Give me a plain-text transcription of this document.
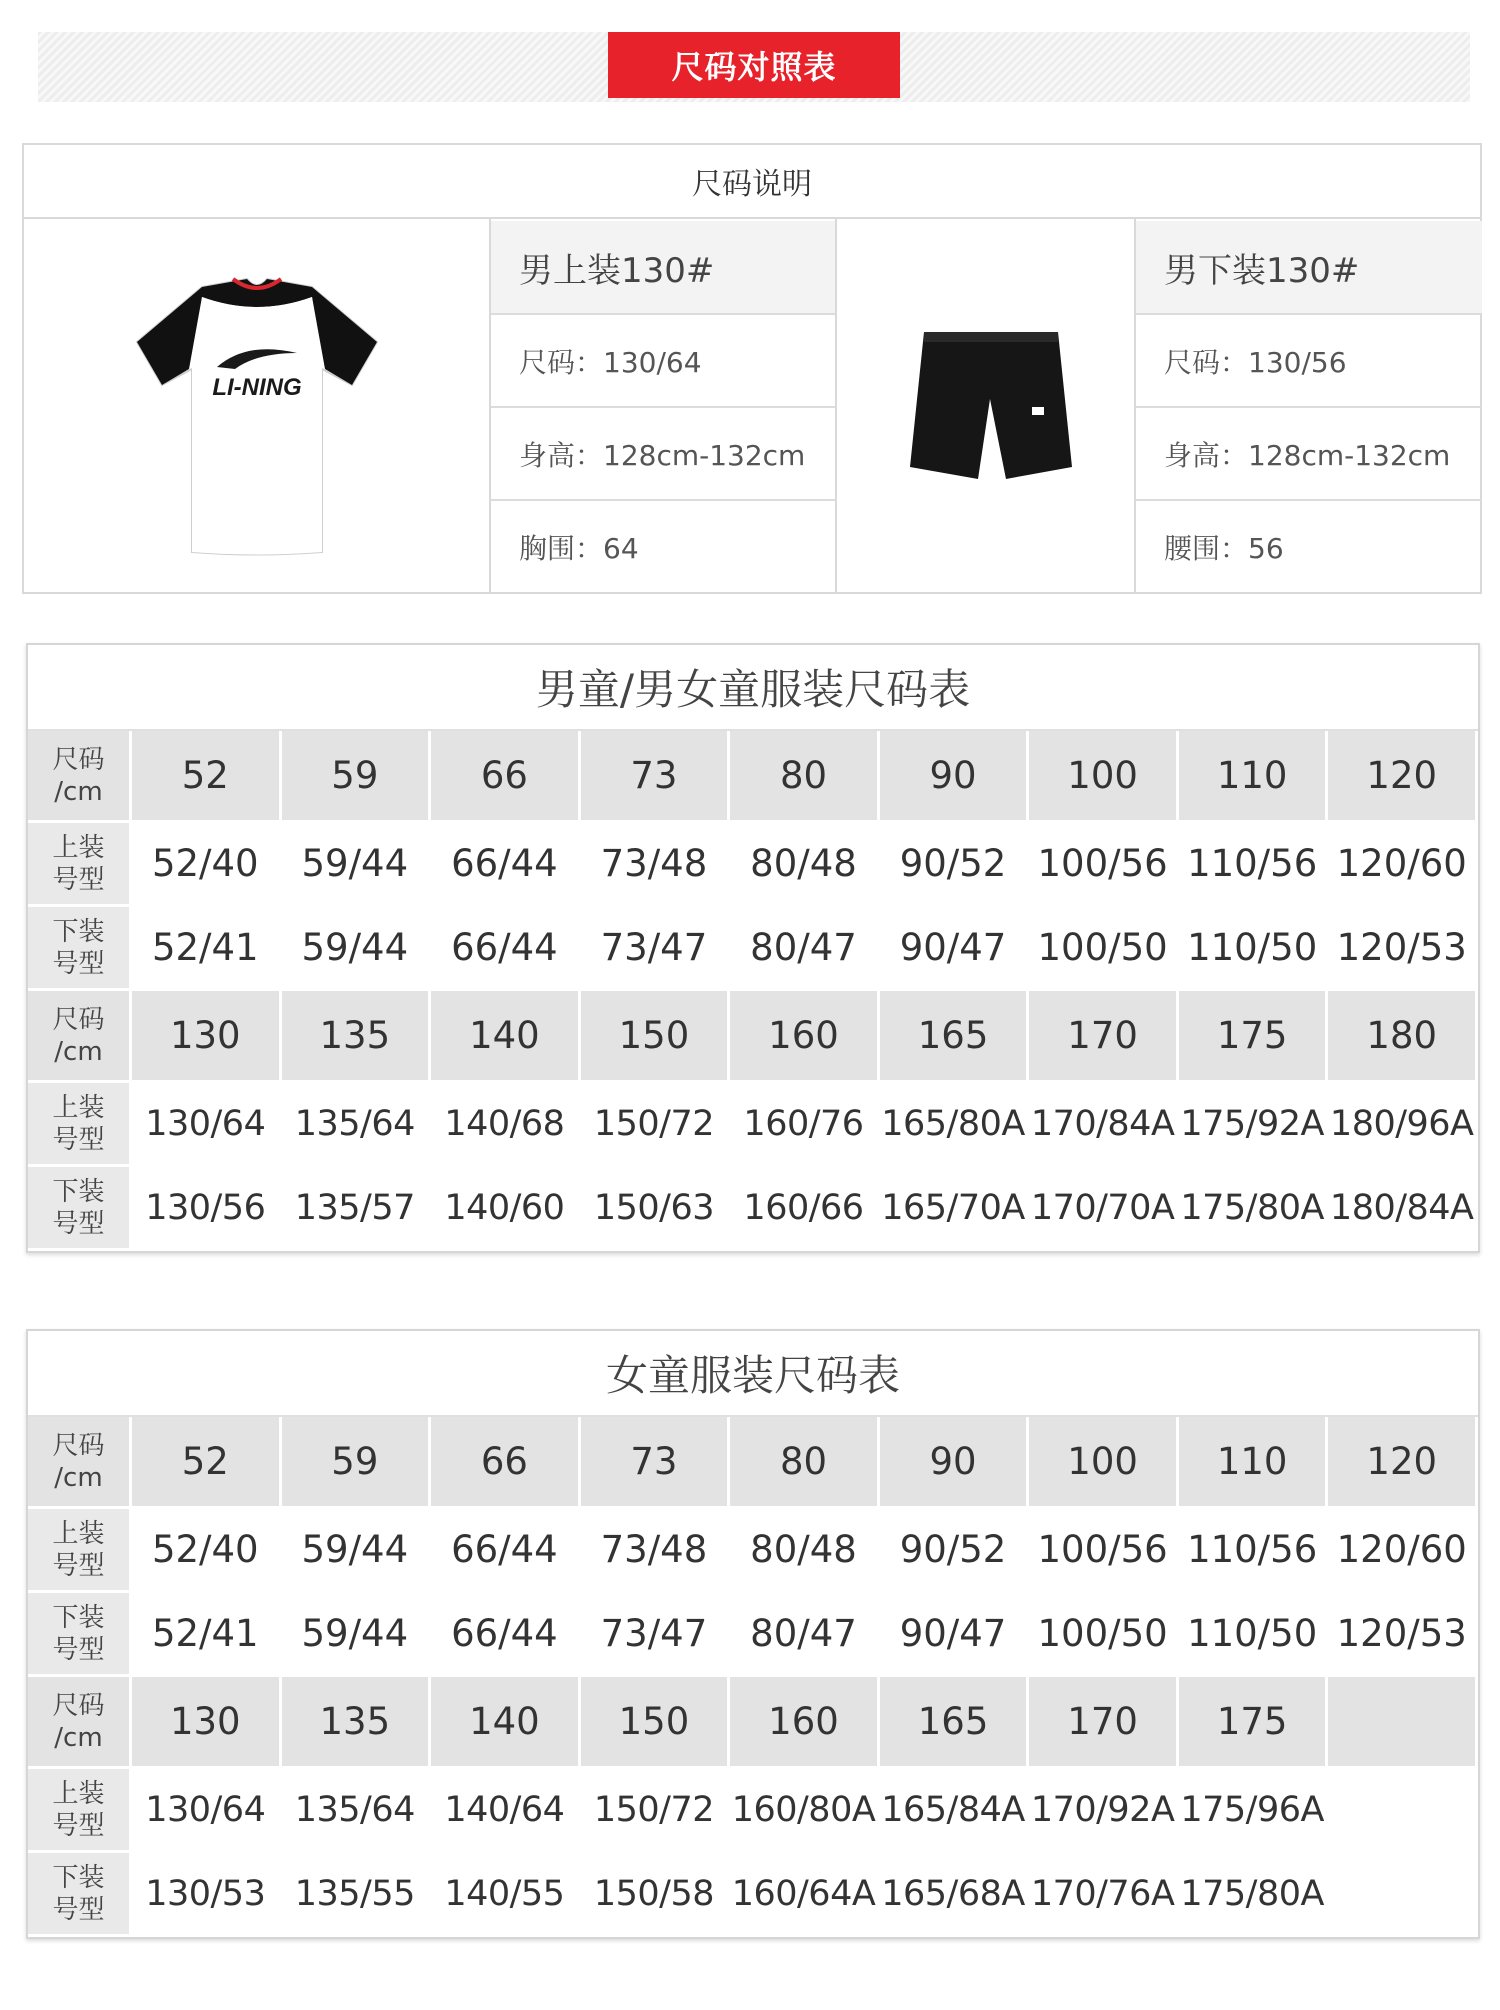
尺码对照表
尺码说明
LI-NING
男上装130#
尺码：130/64
身高：128cm-132cm
胸围：64
男下装130#
尺码：130/56
身高：128cm-132cm
腰围：56
男童/男女童服装尺码表
尺码
/cm	52	59	66	73	80	90	100	110	120
上装
号型	52/40	59/44	66/44	73/48	80/48	90/52 100/56 110/56 120/60
下装
号型	52/41	59/44	66/44	73/47	80/47	90/47 100/50 110/50 120/53
尺码
/cm	130	135	140	150	160	165	170	175	180
上装
号型	130/64 135/64 140/68 150/72 160/76 165/80A 170/84A 175/92A 180/96A
下装
号型	130/56 135/57 140/60 150/63 160/66 165/70A 170/70A 175/80A 180/84A
女童服装尺码表
尺码
/cm	52	59	66	73	80	90	100	110	120
上装
号型	52/40	59/44	66/44	73/48	80/48	90/52 100/56 110/56 120/60
下装
号型	52/41	59/44	66/44	73/47	80/47	90/47 100/50 110/50 120/53
尺码
/cm	130	135	140	150	160	165	170	175
上装
号型	130/64 135/64 140/64 150/72 160/80A 165/84A 170/92A 175/96A
下装
号型	130/53 135/55 140/55 150/58 160/64A 165/68A 170/76A 175/80A
